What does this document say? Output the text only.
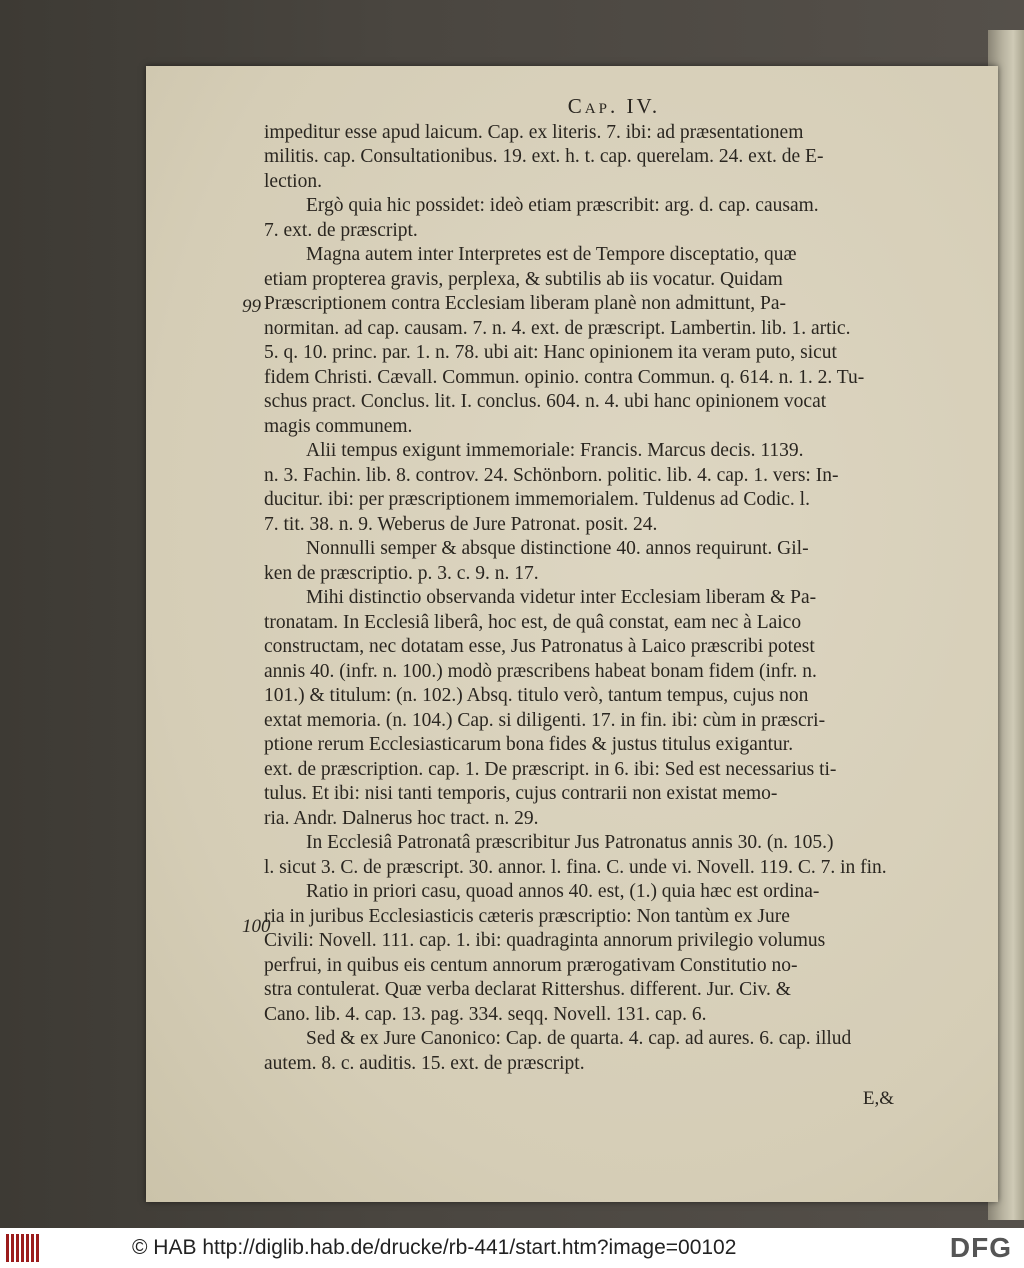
Cap. IV.

impeditur esse apud laicum. Cap. ex literis. 7. ibi: ad præsentationem

militis. cap. Consultationibus. 19. ext. h. t. cap. querelam. 24. ext. de E-

lection.

Ergò quia hic possidet: ideò etiam præscribit: arg. d. cap. causam.

7. ext. de præscript.

Magna autem inter Interpretes est de Tempore disceptatio, quæ

etiam propterea gravis, perplexa, & subtilis ab iis vocatur. Quidam

Præscriptionem contra Ecclesiam liberam planè non admittunt, Pa-

normitan. ad cap. causam. 7. n. 4. ext. de præscript. Lambertin. lib. 1. artic.

5. q. 10. princ. par. 1. n. 78. ubi ait: Hanc opinionem ita veram puto, sicut

fidem Christi. Cævall. Commun. opinio. contra Commun. q. 614. n. 1. 2. Tu-

schus pract. Conclus. lit. I. conclus. 604. n. 4. ubi hanc opinionem vocat

magis communem.

Alii tempus exigunt immemoriale: Francis. Marcus decis. 1139.

n. 3. Fachin. lib. 8. controv. 24. Schönborn. politic. lib. 4. cap. 1. vers: In-

ducitur. ibi: per præscriptionem immemorialem. Tuldenus ad Codic. l.

7. tit. 38. n. 9. Weberus de Jure Patronat. posit. 24.

Nonnulli semper & absque distinctione 40. annos requirunt. Gil-

ken de præscriptio. p. 3. c. 9. n. 17.

Mihi distinctio observanda videtur inter Ecclesiam liberam & Pa-

tronatam. In Ecclesiâ liberâ, hoc est, de quâ constat, eam nec à Laico

constructam, nec dotatam esse, Jus Patronatus à Laico præscribi potest

annis 40. (infr. n. 100.) modò præscribens habeat bonam fidem (infr. n.

101.) & titulum: (n. 102.) Absq. titulo verò, tantum tempus, cujus non

extat memoria. (n. 104.) Cap. si diligenti. 17. in fin. ibi: cùm in præscri-

ptione rerum Ecclesiasticarum bona fides & justus titulus exigantur.

ext. de præscription. cap. 1. De præscript. in 6. ibi: Sed est necessarius ti-

tulus. Et ibi: nisi tanti temporis, cujus contrarii non existat memo-

ria. Andr. Dalnerus hoc tract. n. 29.

In Ecclesiâ Patronatâ præscribitur Jus Patronatus annis 30. (n. 105.)

l. sicut 3. C. de præscript. 30. annor. l. fina. C. unde vi. Novell. 119. C. 7. in fin.

Ratio in priori casu, quoad annos 40. est, (1.) quia hæc est ordina-

ria in juribus Ecclesiasticis cæteris præscriptio: Non tantùm ex Jure

Civili: Novell. 111. cap. 1. ibi: quadraginta annorum privilegio volumus

perfrui, in quibus eis centum annorum prærogativam Constitutio no-

stra contulerat. Quæ verba declarat Rittershus. different. Jur. Civ. &

Cano. lib. 4. cap. 13. pag. 334. seqq. Novell. 131. cap. 6.

Sed & ex Jure Canonico: Cap. de quarta. 4. cap. ad aures. 6. cap. illud

autem. 8. c. auditis. 15. ext. de præscript.

99
100
E,&
© HAB http://diglib.hab.de/drucke/rb-441/start.htm?image=00102	DFG
